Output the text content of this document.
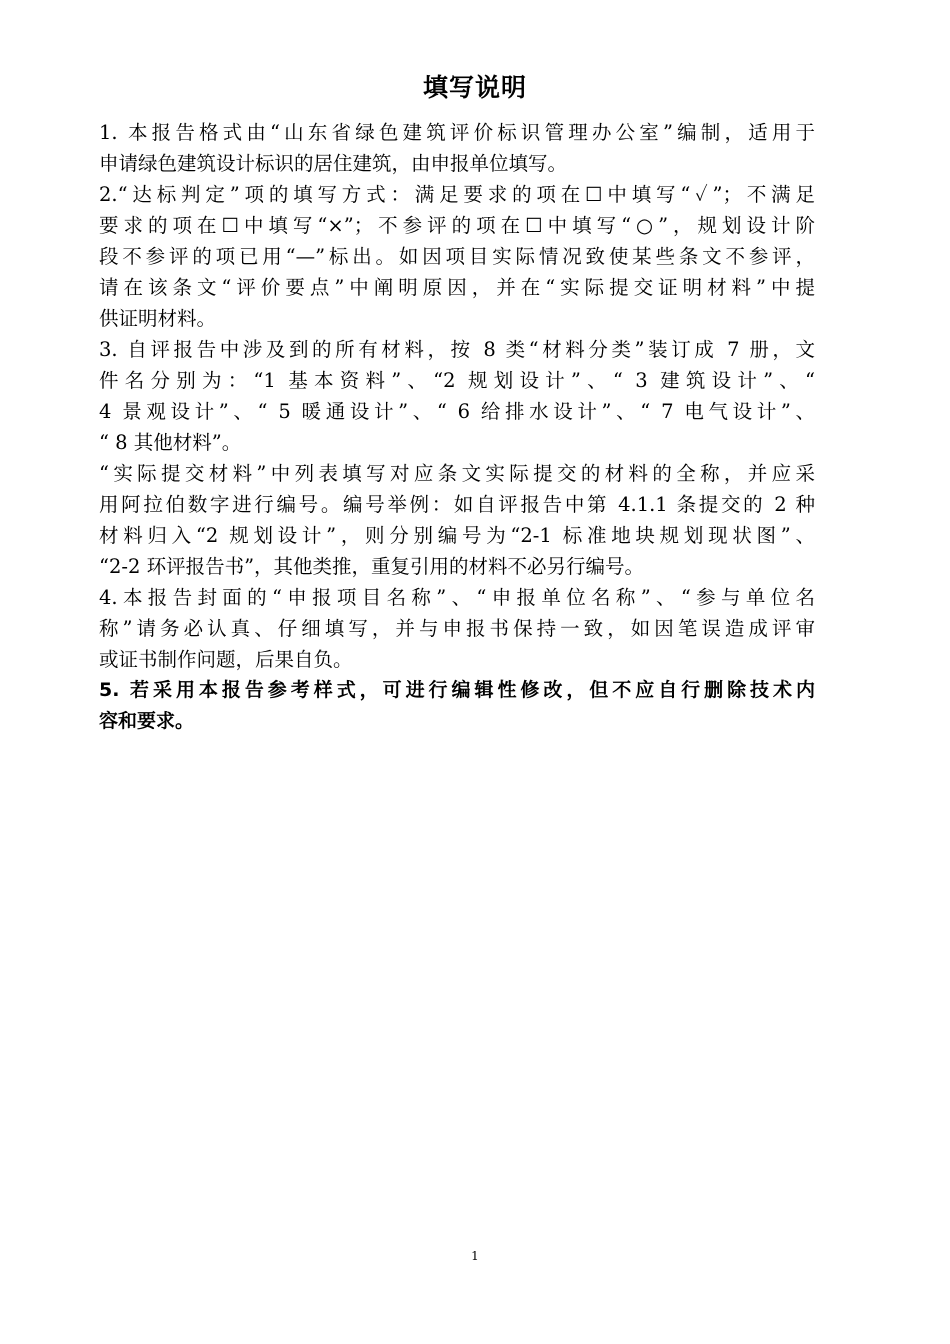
填写说明
1. 本报告格式由“山东省绿色建筑评价标识管理办公室”编制，适用于
申请绿色建筑设计标识的居住建筑，由申报单位填写。
2.“达标判定”项的填写方式：满足要求的项在☐中填写“✓”；不满足
要求的项在☐中填写“×”；不参评的项在☐中填写“○”，规划设计阶
段不参评的项已用“—”标出。如因项目实际情况致使某些条文不参评，
请在该条文“评价要点”中阐明原因，并在“实际提交证明材料”中提
供证明材料。
3. 自评报告中涉及到的所有材料，按 8 类“材料分类”装订成 7 册，文
件名分别为：“1 基本资料”、“2 规划设计”、“ 3 建筑设计”、“
4 景观设计”、“ 5 暖通设计”、“ 6 给排水设计”、“ 7 电气设计”、
“ 8 其他材料”。
“实际提交材料”中列表填写对应条文实际提交的材料的全称，并应采
用阿拉伯数字进行编号。编号举例：如自评报告中第 4.1.1 条提交的 2 种
材料归入“2 规划设计”，则分别编号为“2-1 标准地块规划现状图”、
“2-2 环评报告书”，其他类推，重复引用的材料不必另行编号。
4.本报告封面的“申报项目名称”、“申报单位名称”、“参与单位名
称”请务必认真、仔细填写，并与申报书保持一致，如因笔误造成评审
或证书制作问题，后果自负。
5. 若采用本报告参考样式，可进行编辑性修改，但不应自行删除技术内
容和要求。
1
